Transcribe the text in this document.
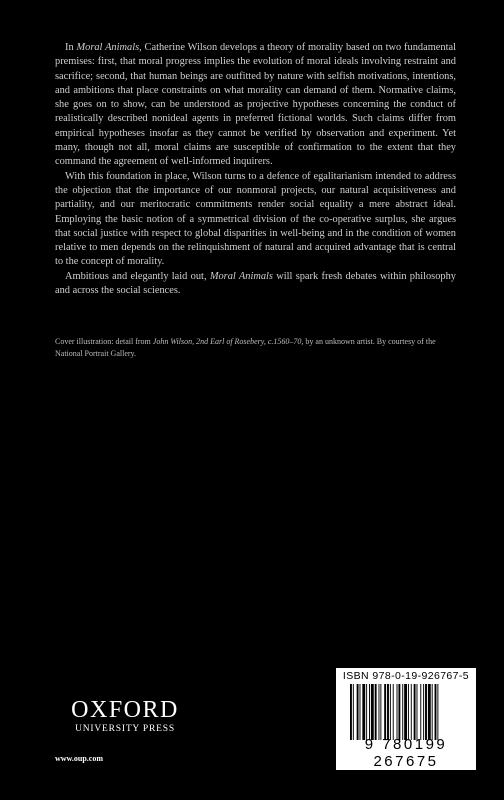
In Moral Animals, Catherine Wilson develops a theory of morality based on two fundamental premises: first, that moral progress implies the evolution of moral ideals involving restraint and sacrifice; second, that human beings are outfitted by nature with selfish motivations, intentions, and ambitions that place constraints on what morality can demand of them. Normative claims, she goes on to show, can be understood as projective hypotheses concerning the conduct of realistically described nonideal agents in preferred fictional worlds. Such claims differ from empirical hypotheses insofar as they cannot be verified by observation and experiment. Yet many, though not all, moral claims are susceptible of confirmation to the extent that they command the agreement of well-informed inquirers.

With this foundation in place, Wilson turns to a defence of egalitarianism intended to address the objection that the importance of our nonmoral projects, our natural acquisitiveness and partiality, and our meritocratic commitments render social equality a mere abstract ideal. Employing the basic notion of a symmetrical division of the co-operative surplus, she argues that social justice with respect to global disparities in well-being and in the condition of women relative to men depends on the relinquishment of natural and acquired advantage that is central to the concept of morality.

Ambitious and elegantly laid out, Moral Animals will spark fresh debates within philosophy and across the social sciences.

Cover illustration: detail from John Wilson, 2nd Earl of Rosebery, c.1560–70, by an unknown artist. By courtesy of the National Portrait Gallery.
OXFORD
UNIVERSITY PRESS
www.oup.com
ISBN 978-0-19-926767-5
9 780199 267675
